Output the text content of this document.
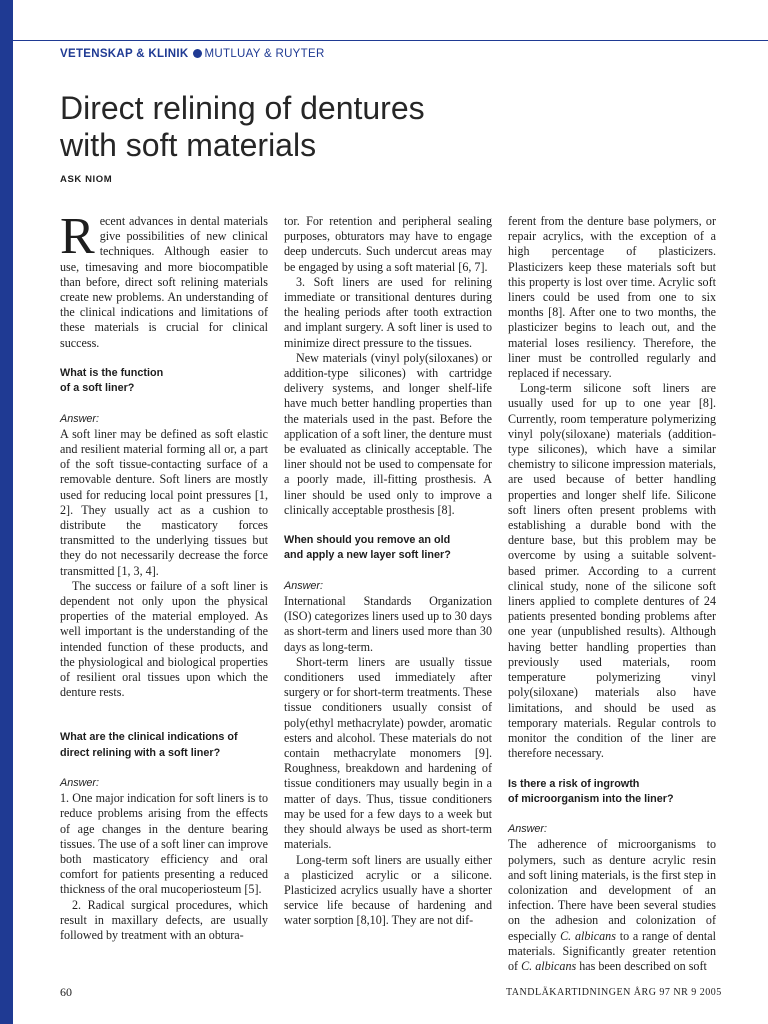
VETENSKAP & KLINIK MUTLUAY & RUYTER
Direct relining of dentures
with soft materials
ASK NIOM

Recent advances in dental materials give possibilities of new clinical techniques. Although easier to use, timesaving and more biocompatible than before, direct soft relining materials create new problems. An understanding of the clinical indications and limitations of these materials is crucial for clinical success.

What is the function
of a soft liner?

Answer:

A soft liner may be defined as soft elastic and resilient material forming all or, a part of the soft tissue-contacting surface of a removable denture. Soft liners are mostly used for reducing local point pressures [1, 2]. They usually act as a cushion to distribute the masticatory forces transmitted to the underlying tissues but they do not necessarily decrease the force transmitted [1, 3, 4].

The success or failure of a soft liner is dependent not only upon the physical properties of the material employed. As well important is the understanding of the intended function of these products, and the physiological and biological properties of resilient oral tissues upon which the denture rests.

What are the clinical indications of
direct relining with a soft liner?

Answer:

1. One major indication for soft liners is to reduce problems arising from the effects of age changes in the denture bearing tissues. The use of a soft liner can improve both masticatory efficiency and oral comfort for patients presenting a reduced thickness of the oral mucoperiosteum [5].

2. Radical surgical procedures, which result in maxillary defects, are usually followed by treatment with an obtura-

tor. For retention and peripheral sealing purposes, obturators may have to engage deep undercuts. Such undercut areas may be engaged by using a soft material [6, 7].

3. Soft liners are used for relining immediate or transitional dentures during the healing periods after tooth extraction and implant surgery. A soft liner is used to minimize direct pressure to the tissues.

New materials (vinyl poly(siloxanes) or addition-type silicones) with cartridge delivery systems, and longer shelf-life have much better handling properties than the materials used in the past. Before the application of a soft liner, the denture must be evaluated as clinically acceptable. The liner should not be used to compensate for a poorly made, ill-fitting prosthesis. A liner should be used only to improve a clinically acceptable prosthesis [8].

When should you remove an old
and apply a new layer soft liner?

Answer:

International Standards Organization (ISO) categorizes liners used up to 30 days as short-term and liners used more than 30 days as long-term.

Short-term liners are usually tissue conditioners used immediately after surgery or for short-term treatments. These tissue conditioners usually consist of poly(ethyl methacrylate) powder, aromatic esters and alcohol. These materials do not contain methacrylate monomers [9]. Roughness, breakdown and hardening of tissue conditioners may usually begin in a matter of days. Thus, tissue conditioners may be used for a few days to a week but they should always be used as short-term materials.

Long-term soft liners are usually either a plasticized acrylic or a silicone. Plasticized acrylics usually have a shorter service life because of hardening and water sorption [8,10]. They are not dif-

ferent from the denture base polymers, or repair acrylics, with the exception of a high percentage of plasticizers. Plasticizers keep these materials soft but this property is lost over time. Acrylic soft liners could be used from one to six months [8]. After one to two months, the plasticizer begins to leach out, and the material loses resiliency. Therefore, the liner must be controlled regularly and replaced if necessary.

Long-term silicone soft liners are usually used for up to one year [8]. Currently, room temperature polymerizing vinyl poly(siloxane) materials (addition-type silicones), which have a similar chemistry to silicone impression materials, are used because of better handling properties and longer shelf life. Silicone soft liners often present problems with establishing a durable bond with the denture base, but this problem may be overcome by using a suitable solvent-based primer. According to a current clinical study, none of the silicone soft liners applied to complete dentures of 24 patients presented bonding problems after one year (unpublished results). Although having better handling properties than previously used materials, room temperature polymerizing vinyl poly(siloxane) materials also have limitations, and should be used as temporary materials. Regular controls to monitor the condition of the liner are therefore necessary.

Is there a risk of ingrowth
of microorganism into the liner?

Answer:

The adherence of microorganisms to polymers, such as denture acrylic resin and soft lining materials, is the first step in colonization and development of an infection. There have been several studies on the adhesion and colonization of especially C. albicans to a range of dental materials. Significantly greater retention of C. albicans has been described on soft

60	TANDLÄKARTIDNINGEN ÅRG 97 NR 9 2005
